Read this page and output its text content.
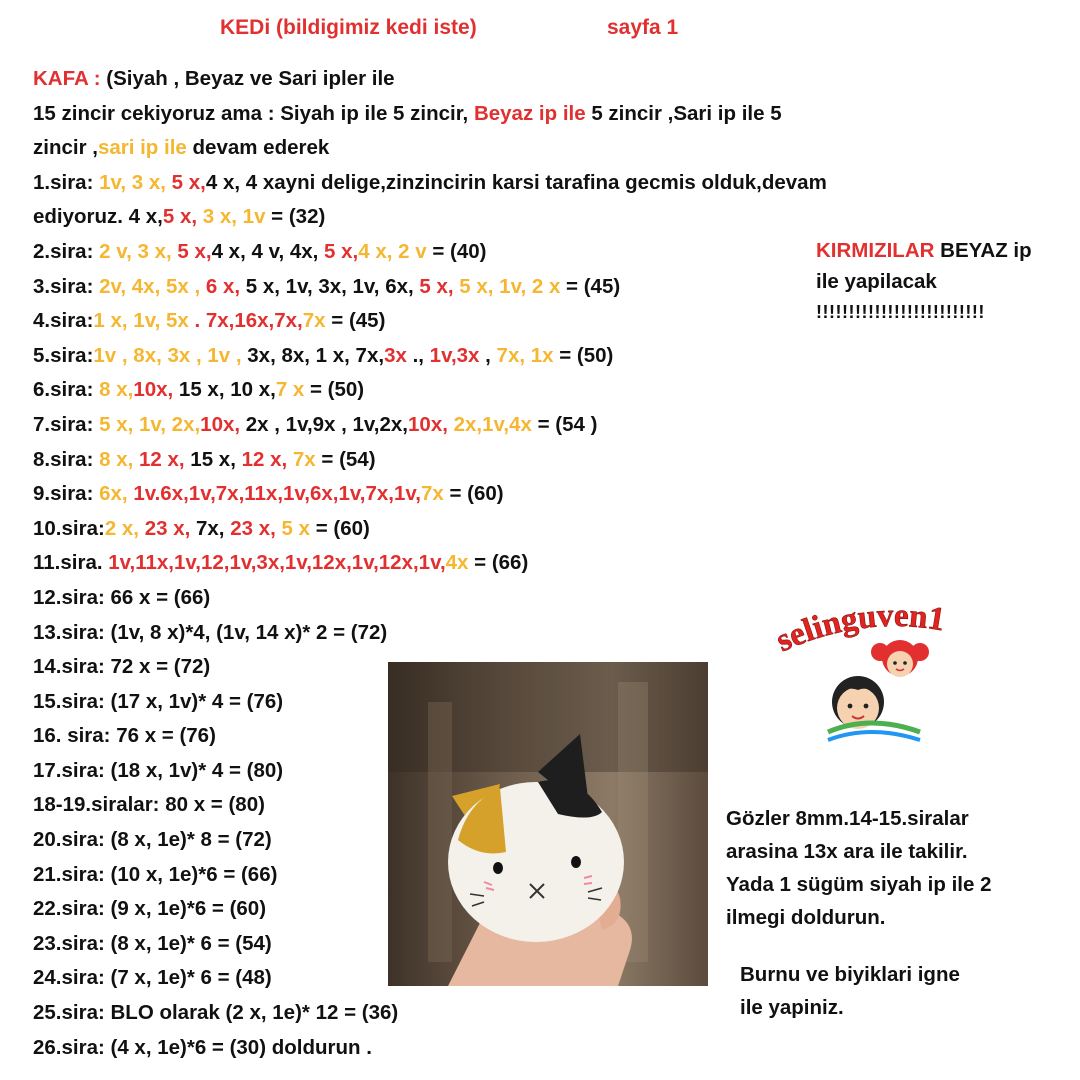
KEDi (bildigimiz kedi iste)	sayfa 1
KAFA : (Siyah , Beyaz ve Sari ipler ile
15 zincir cekiyoruz ama : Siyah ip ile 5 zincir, Beyaz ip ile 5 zincir ,Sari ip ile 5
zincir ,sari ip ile devam ederek
1.sira: 1v, 3 x, 5 x,4 x, 4 xayni delige,zinzincirin karsi tarafina gecmis olduk,devam
ediyoruz. 4 x,5 x, 3 x, 1v = (32)
2.sira: 2 v, 3 x, 5 x,4 x, 4 v, 4x, 5 x,4 x, 2 v = (40)
3.sira: 2v, 4x, 5x , 6 x, 5 x, 1v, 3x, 1v, 6x, 5 x, 5 x, 1v, 2 x = (45)
4.sira:1 x, 1v, 5x . 7x,16x,7x,7x = (45)
5.sira:1v , 8x, 3x , 1v , 3x, 8x, 1 x, 7x,3x ., 1v,3x , 7x, 1x = (50)
6.sira: 8 x,10x, 15 x, 10 x,7 x = (50)
7.sira: 5 x, 1v, 2x,10x, 2x , 1v,9x , 1v,2x,10x, 2x,1v,4x = (54 )
8.sira: 8 x, 12 x, 15 x, 12 x, 7x = (54)
9.sira: 6x, 1v.6x,1v,7x,11x,1v,6x,1v,7x,1v,7x = (60)
10.sira:2 x, 23 x, 7x, 23 x, 5 x = (60)
11.sira. 1v,11x,1v,12,1v,3x,1v,12x,1v,12x,1v,4x = (66)
12.sira: 66 x = (66)
13.sira: (1v, 8 x)*4, (1v, 14 x)* 2 = (72)
14.sira: 72 x = (72)
15.sira: (17 x, 1v)* 4 = (76)
16. sira: 76 x = (76)
17.sira: (18 x, 1v)* 4 = (80)
18-19.siralar: 80 x = (80)
20.sira: (8 x, 1e)* 8 = (72)
21.sira: (10 x, 1e)*6 = (66)
22.sira: (9 x, 1e)*6 = (60)
23.sira: (8 x, 1e)* 6 = (54)
24.sira: (7 x, 1e)* 6 = (48)
25.sira: BLO olarak (2 x, 1e)* 12 = (36)
26.sira: (4 x, 1e)*6 = (30) doldurun .
KIRMIZILAR BEYAZ ip
ile yapilacak
!!!!!!!!!!!!!!!!!!!!!!!!!!
selinguven1
Gözler 8mm.14-15.siralar
arasina 13x ara ile takilir.
Yada 1 sügüm siyah ip ile 2
ilmegi doldurun.
Burnu ve biyiklari igne
ile yapiniz.
